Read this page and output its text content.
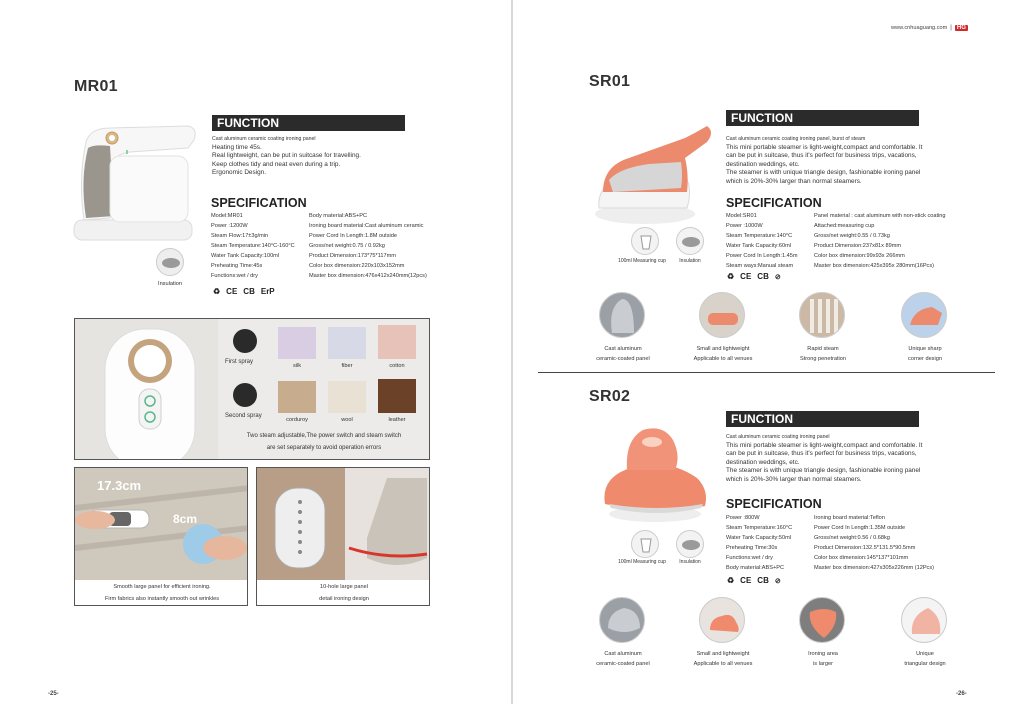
MR01
Insulation
FUNCTION
Cast aluminum ceramic coating ironing panel
Heating time 45s.
Real lightweight, can be put in suitcase for travelling.
Keep clothes tidy and neat even during a trip.
Ergonomic Design.
SPECIFICATION
Model:MR01
Power :1200W
Steam Flow:17±3g/min
Steam Temperature:140°C-160°C
Water Tank Capacity:100ml
Preheating Time:45s
Functions:wet / dry
Body material:ABS+PC
Ironing board material:Cast aluminum ceramic
Power Cord In Length:1.8M outside
Gross/net weight:0.75 / 0.92kg
Product Dimension:173*75*117mm
Color box dimension:220x103x152mm
Master box dimension:476x412x240mm(12pcs)
♻ CE CB ErP
First spray
Second spray
silk	fiber	cotton
corduroy	wool	leather
Two steam adjustable,The power switch and steam switch
are set separately to avoid operation errors
17.3cm
8cm
Smooth large panel for efficient ironing.
Firm fabrics also instantly smooth out wrinkles
10-hole large panel
detail ironing design
-25-
www.cnhuaguang.com | HG
SR01
100ml Measuring cup	Insulation
FUNCTION
Cast aluminum ceramic coating ironing panel, burst of steam
This mini portable steamer is light-weight,compact and comfortable. It
can be put in suitcase, thus it's perfect for business trips, vacations,
destination weddings, etc.
The steamer is with unique triangle design, fashionable ironing panel
which is 20%-30% larger than normal steamers.
SPECIFICATION
Model:SR01
Power :1000W
Steam Temperature:140°C
Water Tank Capacity:60ml
Power Cord In Length:1.45m
Steam ways:Manual steam
Panel material : cast aluminum with non-stick coating
Attached:measuring cup
Gross/net weight:0.55 / 0.73kg
Product Dimension:237x81x 89mm
Color box dimension:99x93x 266mm
Master box dimension:425x395x 280mm(16Pcs)
♻ CE CB ⊘
Cast aluminum
ceramic-coated panel
Small and lightweight
Applicable to all venues
Rapid steam
Strong penetration
Unique sharp
corner design
SR02
100ml Measuring cup	Insulation
FUNCTION
Cast aluminum ceramic coating ironing panel
This mini portable steamer is light-weight,compact and comfortable. It
can be put in suitcase, thus it's perfect for business trips, vacations,
destination weddings, etc.
The steamer is with unique triangle design, fashionable ironing panel
which is 20%-30% larger than normal steamers.
SPECIFICATION
Power :800W
Steam Temperature:160°C
Water Tank Capacity:50ml
Preheating Time:30s
Functions:wet / dry
Body material:ABS+PC
Ironing board material:Teflon
Power Cord In Length:1.35M outside
Gross/net weight:0.56 / 0.68kg
Product Dimension:132.5*131.5*90.5mm
Color box dimension:145*137*101mm
Master box dimension:427x305x226mm (12Pcs)
♻ CE CB ⊘
Cast aluminum
ceramic-coated panel
Small and lightweight
Applicable to all venues
Ironing area
is larger
Unique
triangular design
-26-
